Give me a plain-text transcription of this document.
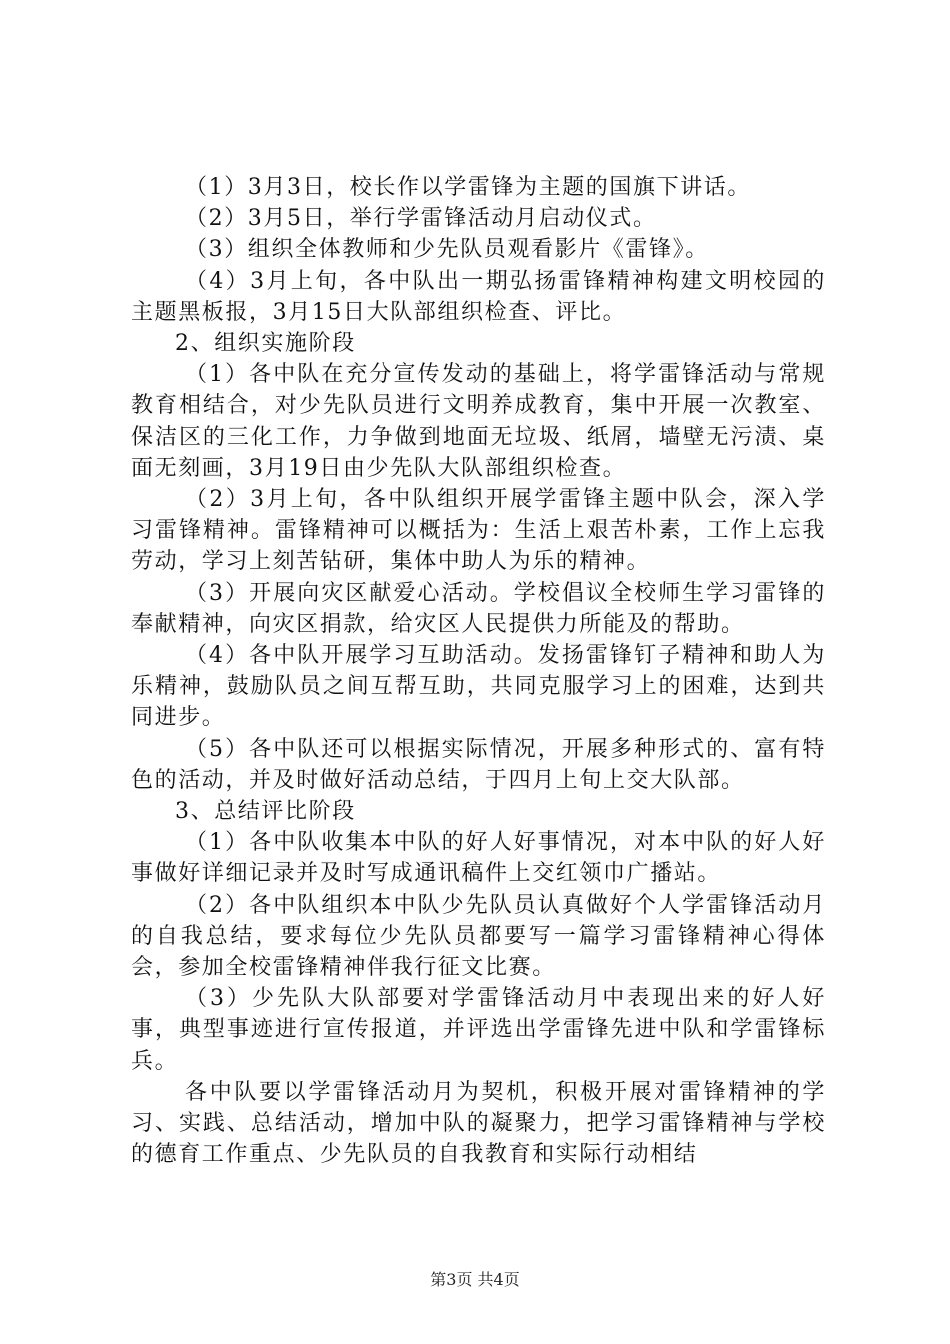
（1）3月3日，校长作以学雷锋为主题的国旗下讲话。

（2）3月5日，举行学雷锋活动月启动仪式。

（3）组织全体教师和少先队员观看影片《雷锋》。

（4）3月上旬，各中队出一期弘扬雷锋精神构建文明校园的主题黑板报，3月15日大队部组织检查、评比。

2、组织实施阶段

（1）各中队在充分宣传发动的基础上，将学雷锋活动与常规教育相结合，对少先队员进行文明养成教育，集中开展一次教室、保洁区的三化工作，力争做到地面无垃圾、纸屑，墙壁无污渍、桌面无刻画，3月19日由少先队大队部组织检查。

（2）3月上旬，各中队组织开展学雷锋主题中队会，深入学习雷锋精神。雷锋精神可以概括为：生活上艰苦朴素，工作上忘我劳动，学习上刻苦钻研，集体中助人为乐的精神。

（3）开展向灾区献爱心活动。学校倡议全校师生学习雷锋的奉献精神，向灾区捐款，给灾区人民提供力所能及的帮助。

（4）各中队开展学习互助活动。发扬雷锋钉子精神和助人为乐精神，鼓励队员之间互帮互助，共同克服学习上的困难，达到共同进步。

（5）各中队还可以根据实际情况，开展多种形式的、富有特色的活动，并及时做好活动总结，于四月上旬上交大队部。

3、总结评比阶段

（1）各中队收集本中队的好人好事情况，对本中队的好人好事做好详细记录并及时写成通讯稿件上交红领巾广播站。

（2）各中队组织本中队少先队员认真做好个人学雷锋活动月的自我总结，要求每位少先队员都要写一篇学习雷锋精神心得体会，参加全校雷锋精神伴我行征文比赛。

（3）少先队大队部要对学雷锋活动月中表现出来的好人好事，典型事迹进行宣传报道，并评选出学雷锋先进中队和学雷锋标兵。

各中队要以学雷锋活动月为契机，积极开展对雷锋精神的学习、实践、总结活动，增加中队的凝聚力，把学习雷锋精神与学校的德育工作重点、少先队员的自我教育和实际行动相结

第3页 共4页
